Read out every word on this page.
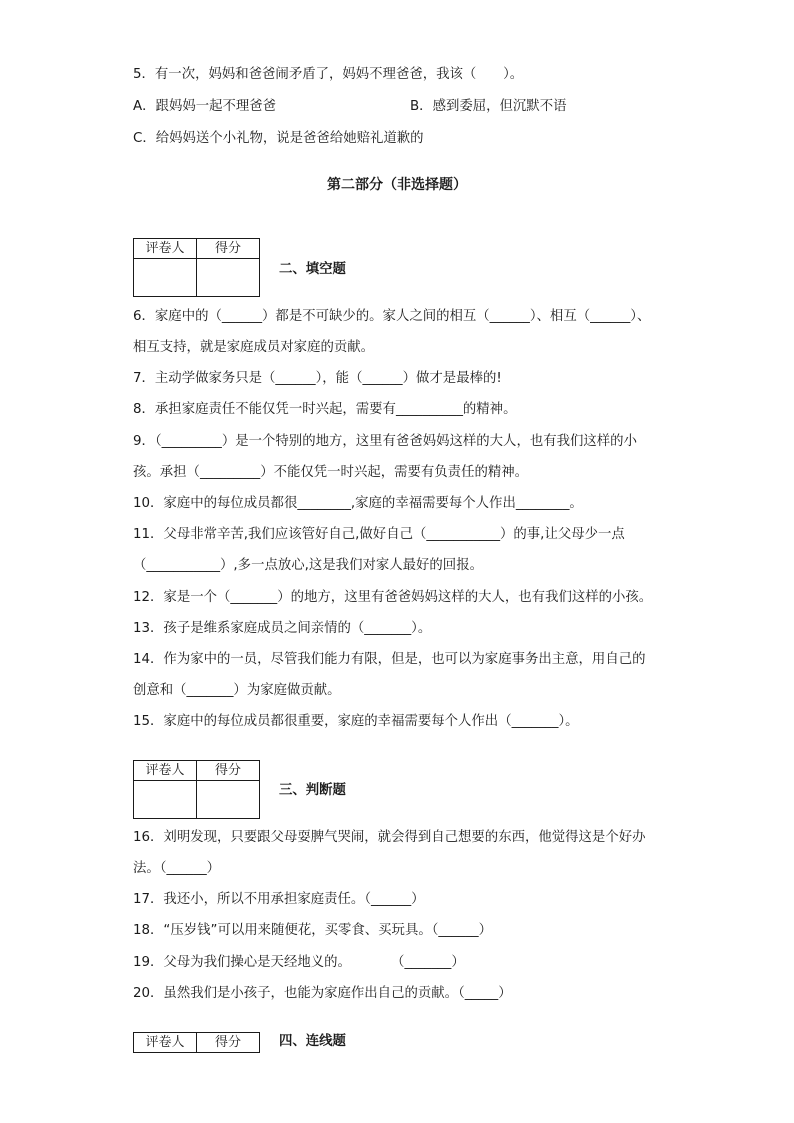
5．有一次，妈妈和爸爸闹矛盾了，妈妈不理爸爸，我该（　　）。
A．跟妈妈一起不理爸爸	B．感到委屈，但沉默不语
C．给妈妈送个小礼物，说是爸爸给她赔礼道歉的
第二部分（非选择题）
评卷人	得分

二、填空题
6．家庭中的（______）都是不可缺少的。家人之间的相互（______）、相互（______）、
相互支持，就是家庭成员对家庭的贡献。
7．主动学做家务只是（______），能（______）做才是最棒的!
8．承担家庭责任不能仅凭一时兴起，需要有__________的精神。
9．（_________）是一个特别的地方，这里有爸爸妈妈这样的大人，也有我们这样的小
孩。承担（_________）不能仅凭一时兴起，需要有负责任的精神。
10．家庭中的每位成员都很________,家庭的幸福需要每个人作出________。
11．父母非常辛苦,我们应该管好自己,做好自己（___________）的事,让父母少一点
（___________）,多一点放心,这是我们对家人最好的回报。
12．家是一个（_______）的地方，这里有爸爸妈妈这样的大人，也有我们这样的小孩。
13．孩子是维系家庭成员之间亲情的（_______）。
14．作为家中的一员，尽管我们能力有限，但是，也可以为家庭事务出主意，用自己的
创意和（_______）为家庭做贡献。
15．家庭中的每位成员都很重要，家庭的幸福需要每个人作出（_______）。
评卷人	得分

三、判断题
16．刘明发现，只要跟父母耍脾气哭闹，就会得到自己想要的东西，他觉得这是个好办
法。（______）
17．我还小，所以不用承担家庭责任。（______）
18．“压岁钱”可以用来随便花，买零食、买玩具。（______）
19．父母为我们操心是天经地义的。　　　　（_______）
20．虽然我们是小孩子，也能为家庭作出自己的贡献。（_____）
评卷人	得分	四、连线题
